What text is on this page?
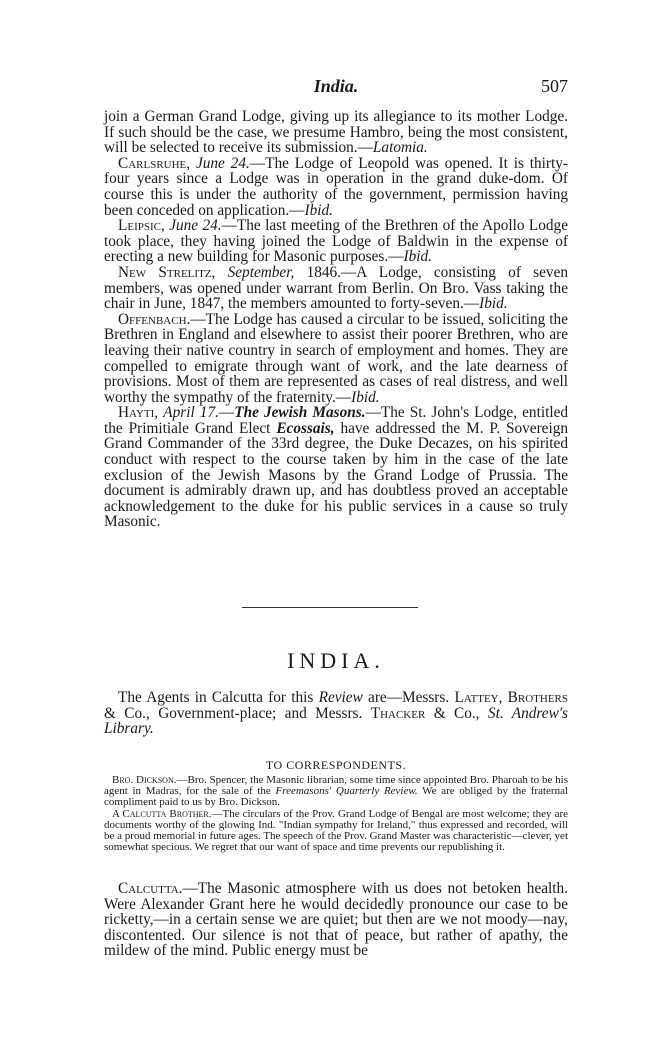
India.	507

join a German Grand Lodge, giving up its allegiance to its mother Lodge. If such should be the case, we presume Hambro, being the most consistent, will be selected to receive its submission.—Latomia.

Carlsruhe, June 24.—The Lodge of Leopold was opened. It is thirty-four years since a Lodge was in operation in the grand duke-dom. Of course this is under the authority of the government, permission having been conceded on application.—Ibid.

Leipsic, June 24.—The last meeting of the Brethren of the Apollo Lodge took place, they having joined the Lodge of Baldwin in the expense of erecting a new building for Masonic purposes.—Ibid.

New Strelitz, September, 1846.—A Lodge, consisting of seven members, was opened under warrant from Berlin. On Bro. Vass taking the chair in June, 1847, the members amounted to forty-seven.—Ibid.

Offenbach.—The Lodge has caused a circular to be issued, soliciting the Brethren in England and elsewhere to assist their poorer Brethren, who are leaving their native country in search of employment and homes. They are compelled to emigrate through want of work, and the late dearness of provisions. Most of them are represented as cases of real distress, and well worthy the sympathy of the fraternity.—Ibid.

Hayti, April 17.—The Jewish Masons.—The St. John's Lodge, entitled the Primitiale Grand Elect Ecossais, have addressed the M. P. Sovereign Grand Commander of the 33rd degree, the Duke Decazes, on his spirited conduct with respect to the course taken by him in the case of the late exclusion of the Jewish Masons by the Grand Lodge of Prussia. The document is admirably drawn up, and has doubtless proved an acceptable acknowledgement to the duke for his public services in a cause so truly Masonic.

INDIA.

The Agents in Calcutta for this Review are—Messrs. Lattey, Brothers & Co., Government-place; and Messrs. Thacker & Co., St. Andrew's Library.

TO CORRESPONDENTS.

Bro. Dickson.—Bro. Spencer, the Masonic librarian, some time since appointed Bro. Pharoah to be his agent in Madras, for the sale of the Freemasons' Quarterly Review. We are obliged by the fraternal compliment paid to us by Bro. Dickson.

A Calcutta Brother.—The circulars of the Prov. Grand Lodge of Bengal are most welcome; they are documents worthy of the glowing Ind. "Indian sympathy for Ireland," thus expressed and recorded, will be a proud memorial in future ages. The speech of the Prov. Grand Master was characteristic—clever, yet somewhat specious. We regret that our want of space and time prevents our republishing it.

Calcutta.—The Masonic atmosphere with us does not betoken health. Were Alexander Grant here he would decidedly pronounce our case to be ricketty,—in a certain sense we are quiet; but then are we not moody—nay, discontented. Our silence is not that of peace, but rather of apathy, the mildew of the mind. Public energy must be
